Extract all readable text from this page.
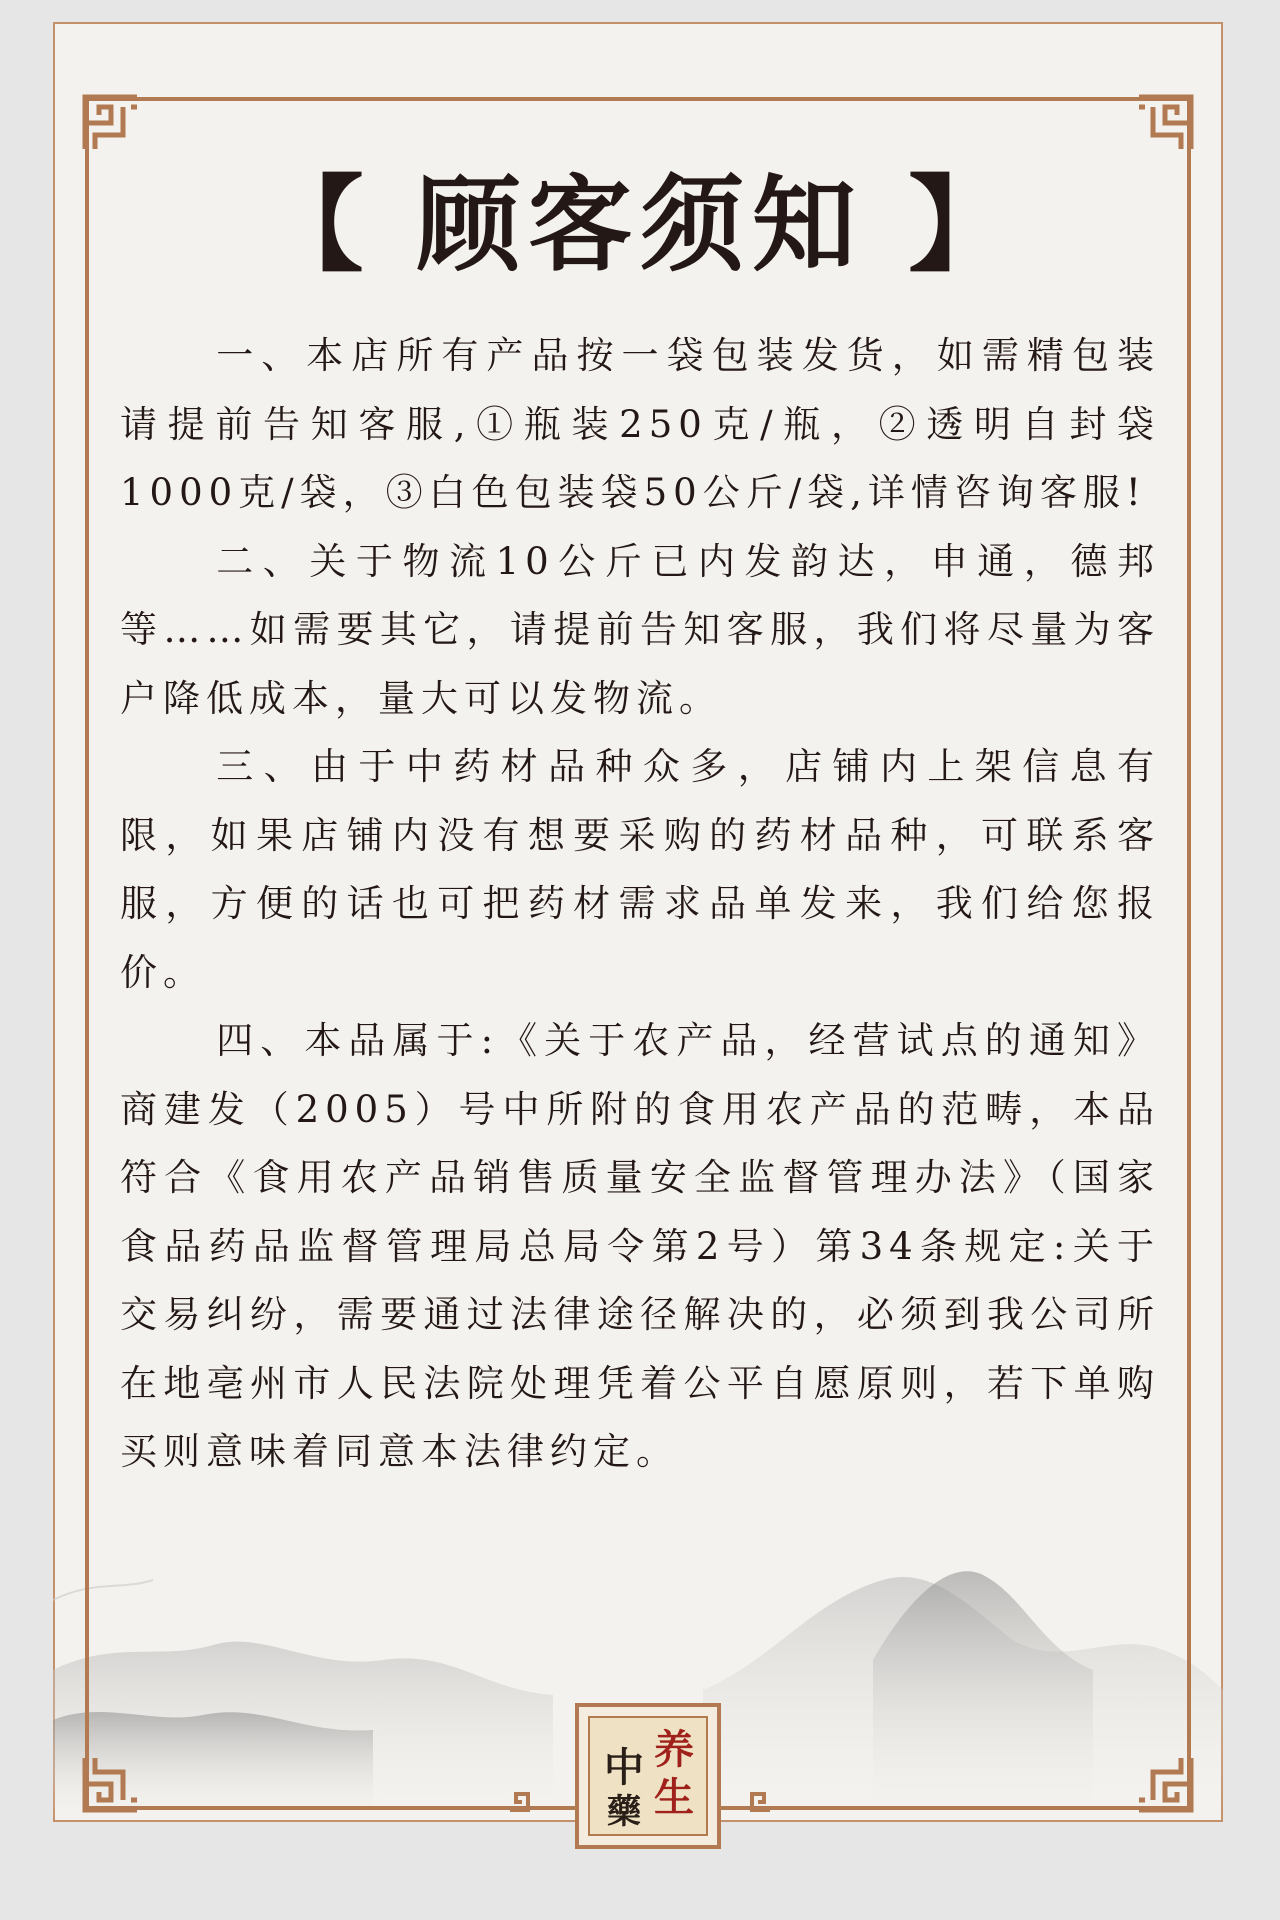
【 顾客须知 】

一、本店所有产品按一袋包装发货，如需精包装请提前告知客服,①瓶装250克/瓶，②透明自封袋1000克/袋，③白色包装袋50公斤/袋,详情咨询客服!

二、关于物流10公斤已内发韵达，申通，德邦等……如需要其它，请提前告知客服，我们将尽量为客户降低成本，量大可以发物流。

三、由于中药材品种众多，店铺内上架信息有限，如果店铺内没有想要采购的药材品种，可联系客服，方便的话也可把药材需求品单发来，我们给您报价。

四、本品属于:《关于农产品，经营试点的通知》商建发（2005）号中所附的食用农产品的范畴，本品符合《食用农产品销售质量安全监督管理办法》（国家食品药品监督管理局总局令第2号）第34条规定:关于交易纠纷，需要通过法律途径解决的，必须到我公司所在地亳州市人民法院处理凭着公平自愿原则，若下单购买则意味着同意本法律约定。

养
生
中
藥
